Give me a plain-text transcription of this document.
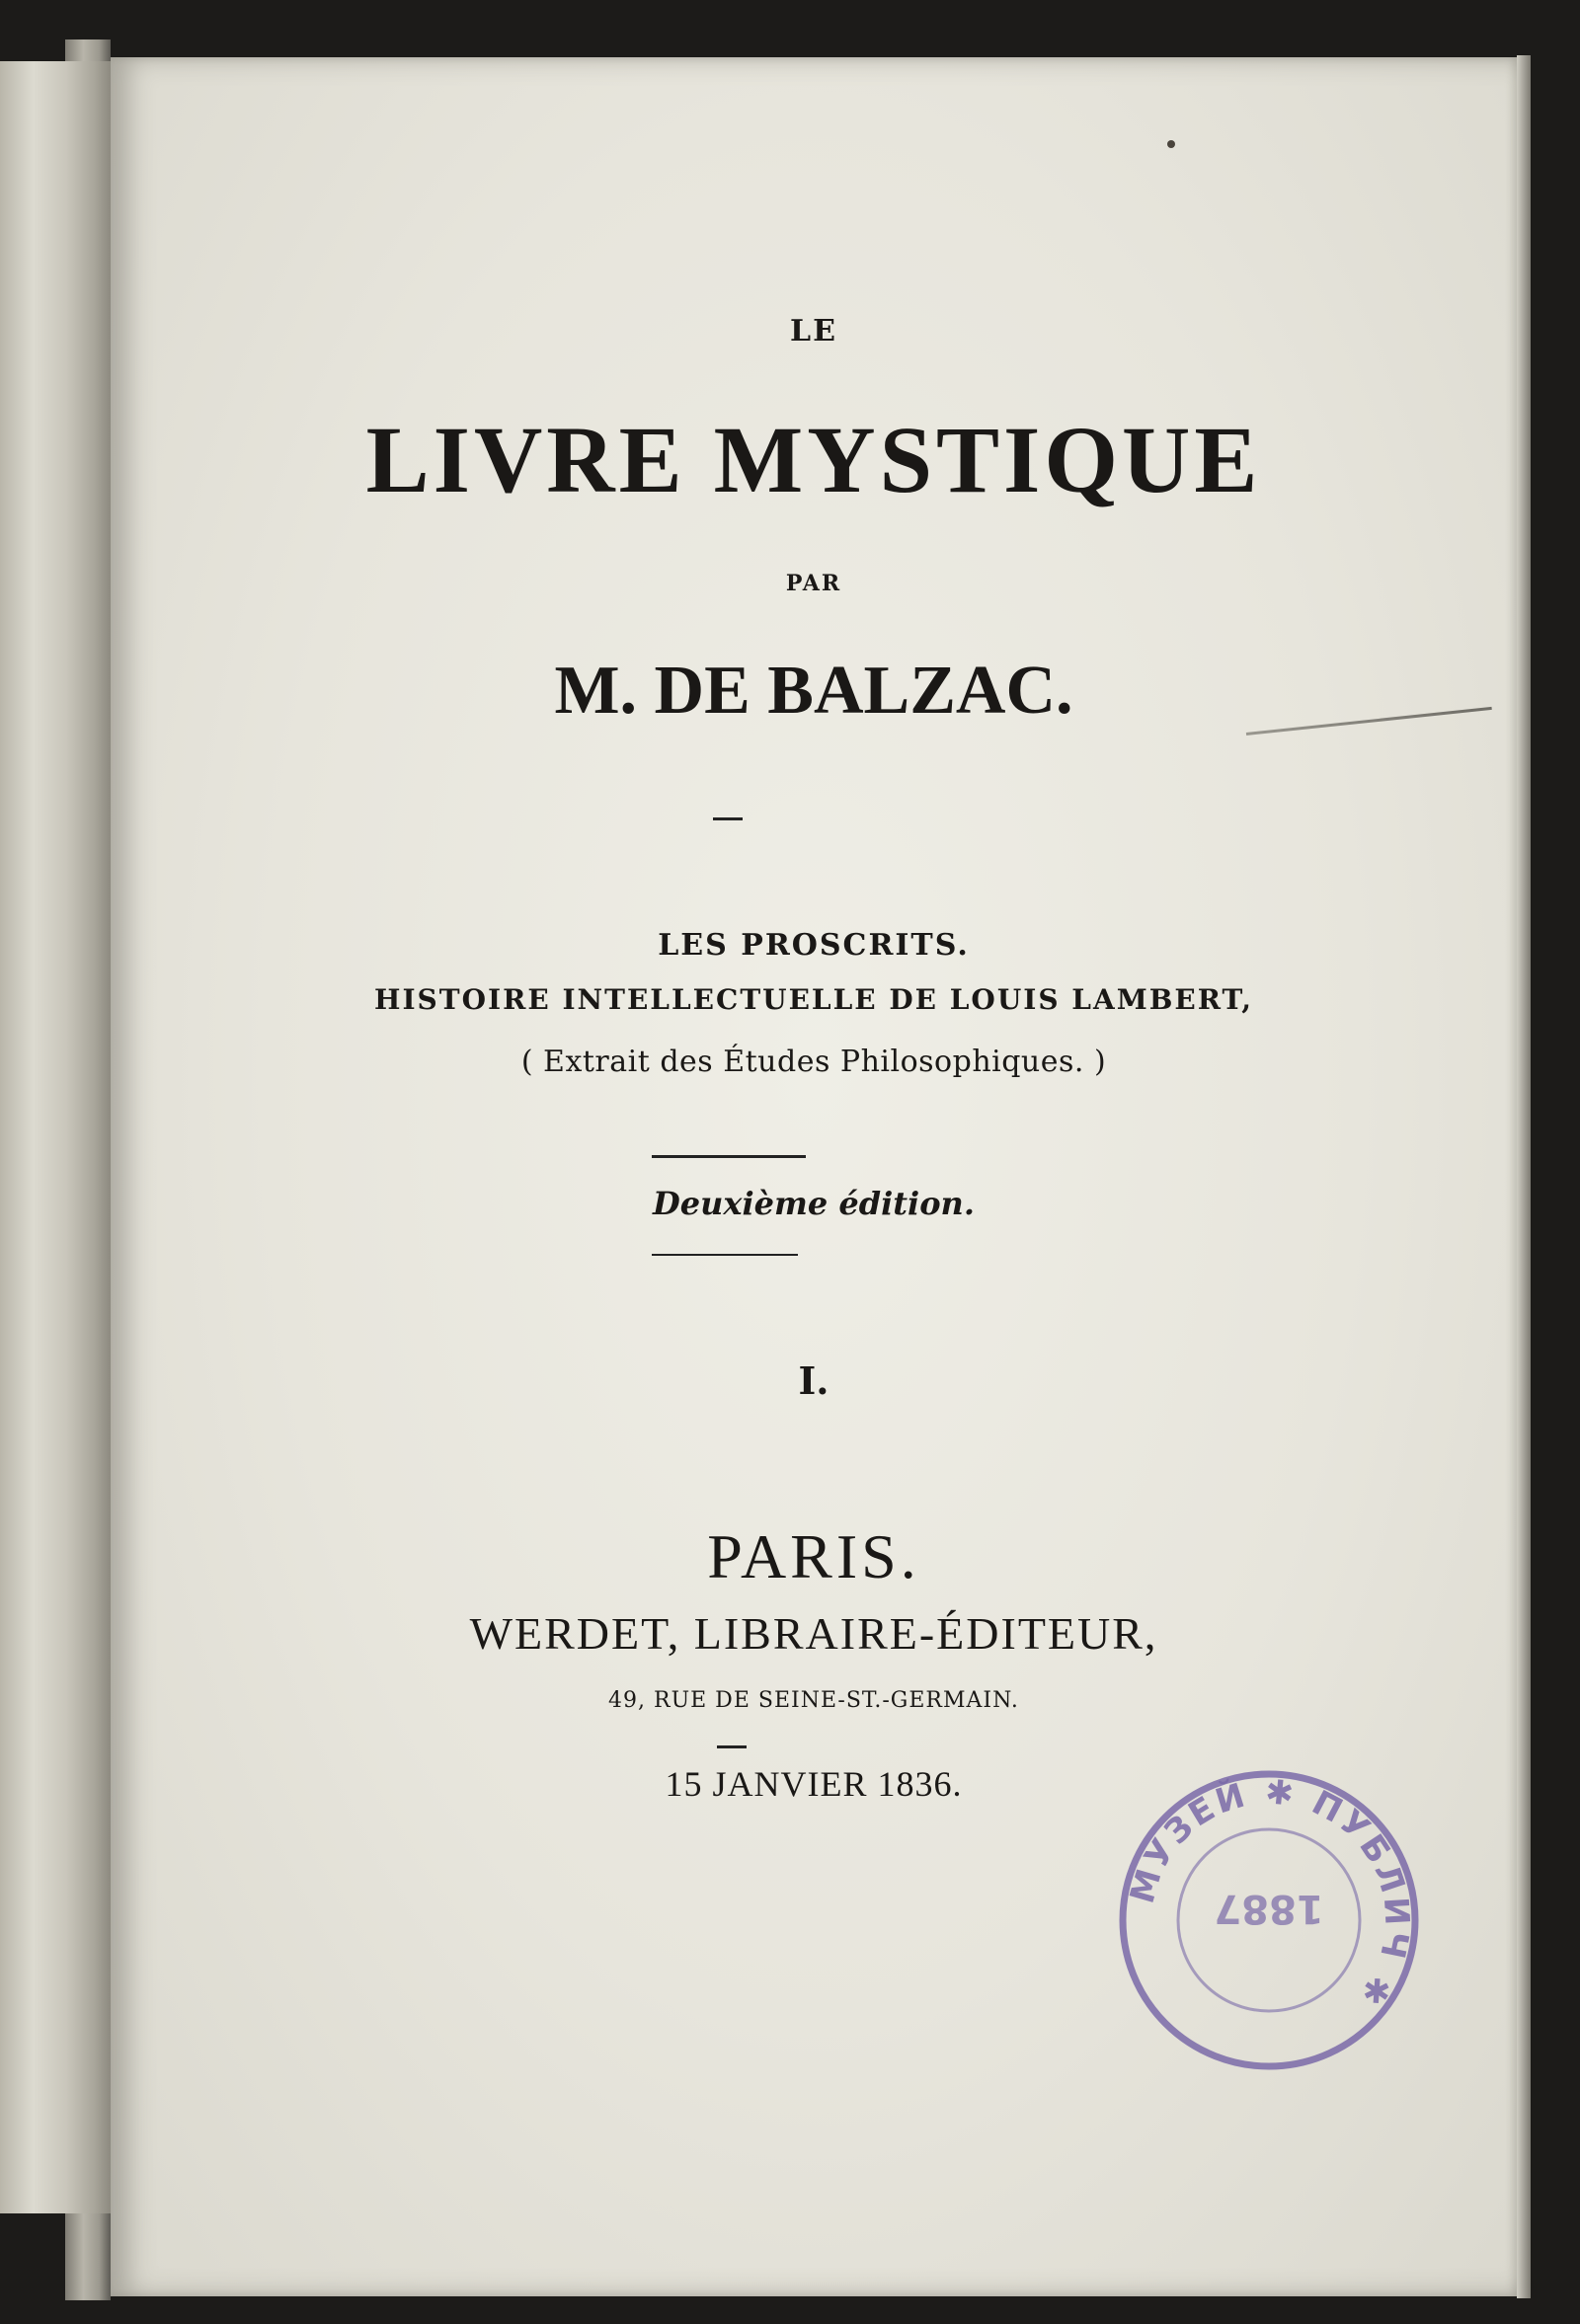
LE
LIVRE MYSTIQUE
PAR
M. DE BALZAC.
LES PROSCRITS.
HISTOIRE INTELLECTUELLE DE LOUIS LAMBERT,
( Extrait des Études Philosophiques. )
Deuxième édition.
I.
PARIS.
WERDET, LIBRAIRE-ÉDITEUR,
49, RUE DE SEINE-ST.-GERMAIN.
15 JANVIER 1836.
МУЗЕЙ ✱ ПУБЛИЧ ✱
1887
